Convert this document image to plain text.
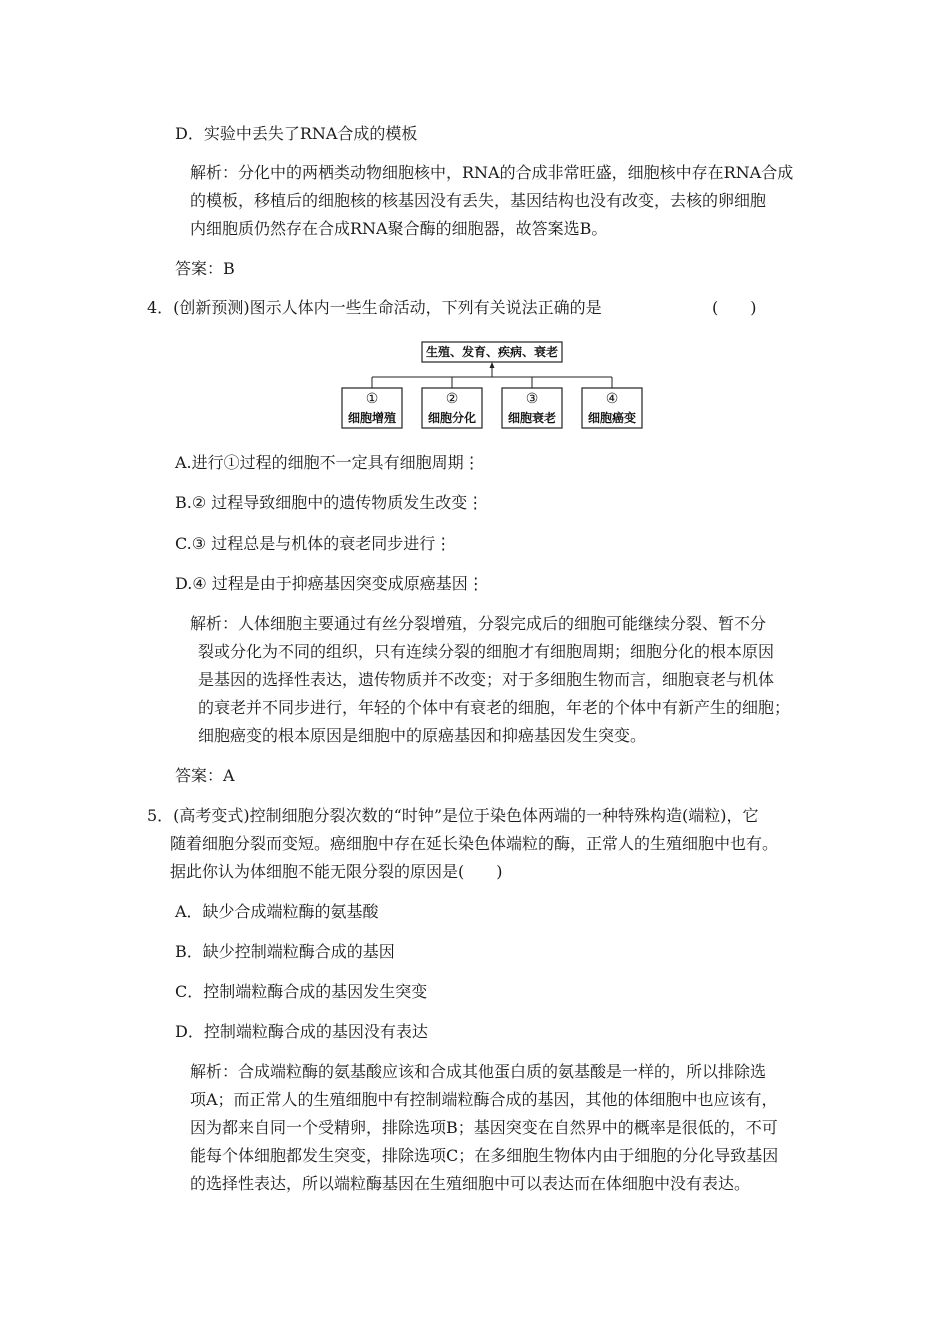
D．实验中丢失了RNA合成的模板
解析：分化中的两栖类动物细胞核中，RNA的合成非常旺盛，细胞核中存在RNA合成
的模板，移植后的细胞核的核基因没有丢失，基因结构也没有改变，去核的卵细胞
内细胞质仍然存在合成RNA聚合酶的细胞器，故答案选B。
答案：B
4．(创新预测)图示人体内一些生命活动，下列有关说法正确的是	(　　)
生殖、发育、疾病、衰老
①
细胞增殖
②
细胞分化
③
细胞衰老
④
细胞癌变
A.进行①过程的细胞不一定具有细胞周期⋮
B.② 过程导致细胞中的遗传物质发生改变⋮
C.③ 过程总是与机体的衰老同步进行⋮
D.④ 过程是由于抑癌基因突变成原癌基因⋮
解析：人体细胞主要通过有丝分裂增殖，分裂完成后的细胞可能继续分裂、暂不分
裂或分化为不同的组织，只有连续分裂的细胞才有细胞周期；细胞分化的根本原因
是基因的选择性表达，遗传物质并不改变；对于多细胞生物而言，细胞衰老与机体
的衰老并不同步进行，年轻的个体中有衰老的细胞，年老的个体中有新产生的细胞；
细胞癌变的根本原因是细胞中的原癌基因和抑癌基因发生突变。
答案：A
5．(高考变式)控制细胞分裂次数的“时钟”是位于染色体两端的一种特殊构造(端粒)，它
随着细胞分裂而变短。癌细胞中存在延长染色体端粒的酶，正常人的生殖细胞中也有。
据此你认为体细胞不能无限分裂的原因是(　　)
A．缺少合成端粒酶的氨基酸
B．缺少控制端粒酶合成的基因
C．控制端粒酶合成的基因发生突变
D．控制端粒酶合成的基因没有表达
解析：合成端粒酶的氨基酸应该和合成其他蛋白质的氨基酸是一样的，所以排除选
项A；而正常人的生殖细胞中有控制端粒酶合成的基因，其他的体细胞中也应该有，
因为都来自同一个受精卵，排除选项B；基因突变在自然界中的概率是很低的，不可
能每个体细胞都发生突变，排除选项C；在多细胞生物体内由于细胞的分化导致基因
的选择性表达，所以端粒酶基因在生殖细胞中可以表达而在体细胞中没有表达。
